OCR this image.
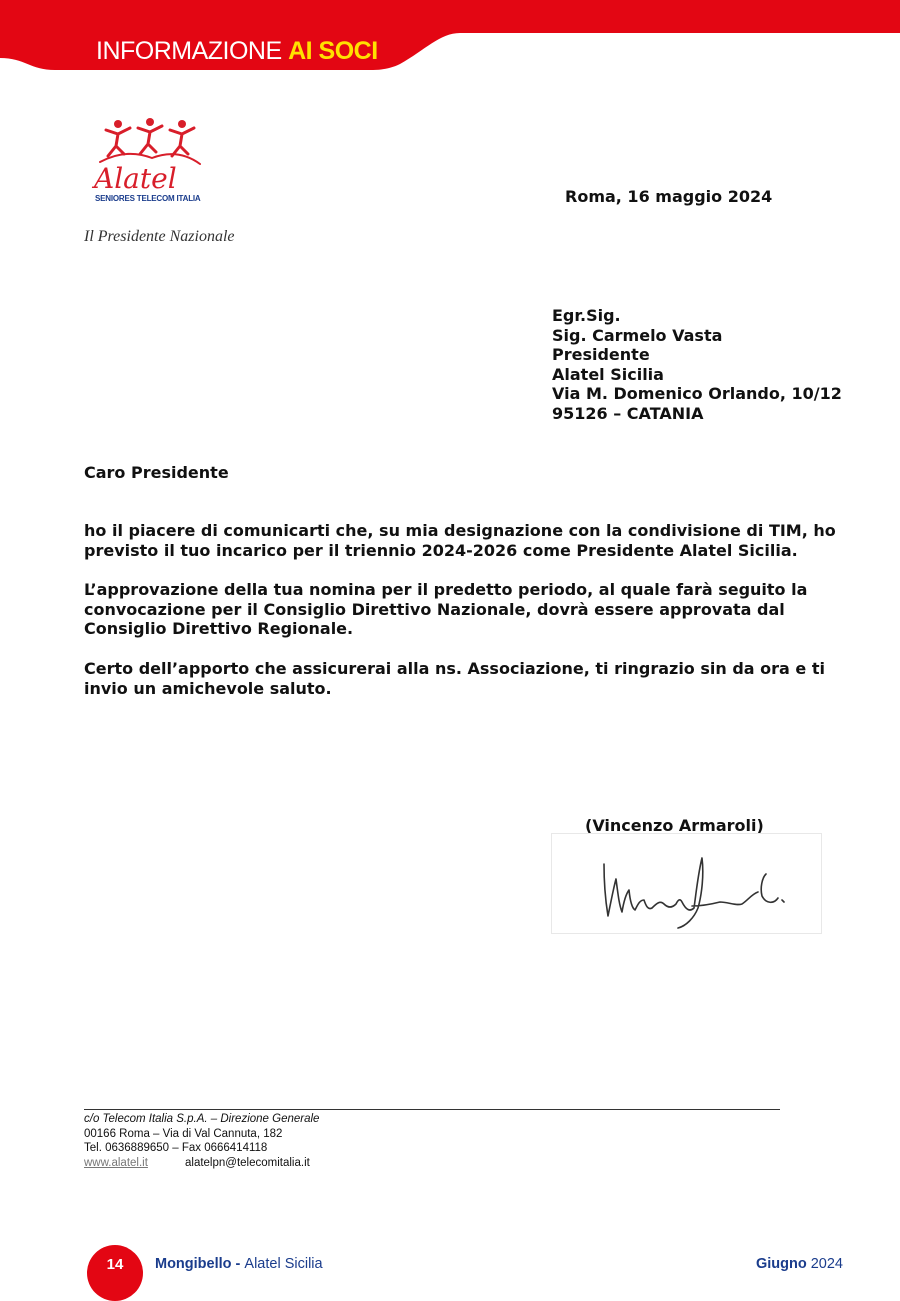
INFORMAZIONE AI SOCI
Alatel
SENIORES TELECOM ITALIA
Il Presidente Nazionale
Roma, 16 maggio 2024
Egr.Sig.
Sig. Carmelo Vasta
Presidente
Alatel Sicilia
Via M. Domenico Orlando, 10/12
95126 – CATANIA
Caro Presidente

ho il piacere di comunicarti che, su mia designazione con la condivisione di TIM, ho previsto il tuo incarico per il triennio 2024-2026 come Presidente Alatel Sicilia.

L’approvazione della tua nomina per il predetto periodo, al quale farà seguito la convocazione per il Consiglio Direttivo Nazionale, dovrà essere approvata dal Consiglio Direttivo Regionale.

Certo dell’apporto che assicurerai alla ns. Associazione, ti ringrazio sin da ora e ti invio un amichevole saluto.

(Vincenzo Armaroli)
c/o Telecom Italia S.p.A. – Direzione Generale
00166 Roma – Via di Val Cannuta, 182
Tel. 0636889650 – Fax 0666414118
www.alatel.it	alatelpn@telecomitalia.it
14	Mongibello - Alatel Sicilia	Giugno 2024
